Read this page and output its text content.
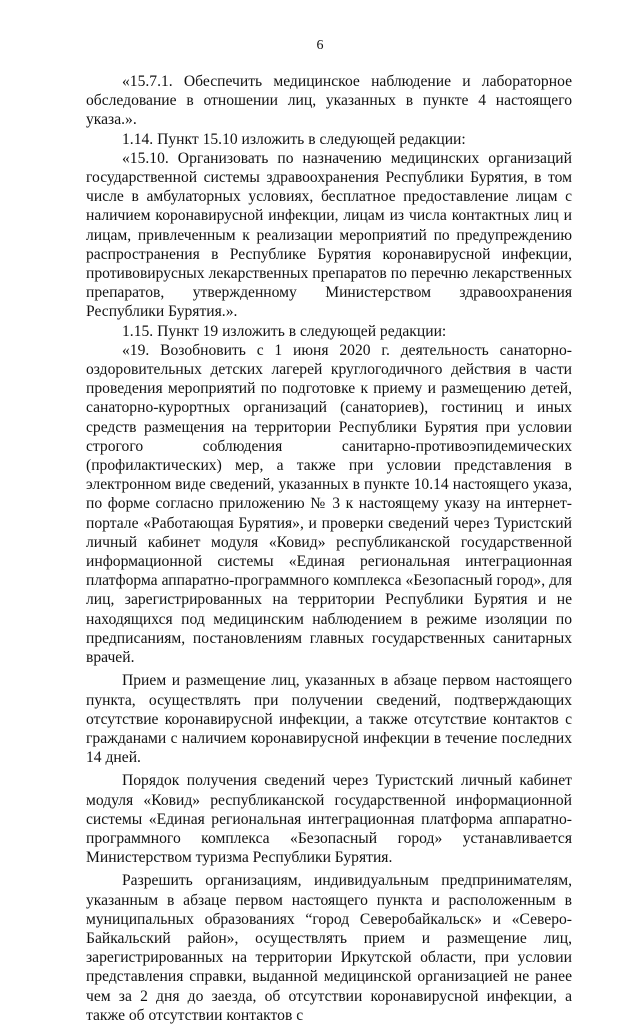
6

«15.7.1. Обеспечить медицинское наблюдение и лабораторное обследование в отношении лиц, указанных в пункте 4 настоящего указа.».

1.14. Пункт 15.10 изложить в следующей редакции:

«15.10. Организовать по назначению медицинских организаций государственной системы здравоохранения Республики Бурятия, в том числе в амбулаторных условиях, бесплатное предоставление лицам с наличием коронавирусной инфекции, лицам из числа контактных лиц и лицам, привлеченным к реализации мероприятий по предупреждению распространения в Республике Бурятия коронавирусной инфекции, противовирусных лекарственных препаратов по перечню лекарственных препаратов, утвержденному Министерством здравоохранения Республики Бурятия.».

1.15. Пункт 19 изложить в следующей редакции:

«19. Возобновить с 1 июня 2020 г. деятельность санаторно-оздоровительных детских лагерей круглогодичного действия в части проведения мероприятий по подготовке к приему и размещению детей, санаторно-курортных организаций (санаториев), гостиниц и иных средств размещения на территории Республики Бурятия при условии строгого соблюдения санитарно-противоэпидемических (профилактических) мер, а также при условии представления в электронном виде сведений, указанных в пункте 10.14 настоящего указа, по форме согласно приложению № 3 к настоящему указу на интернет-портале «Работающая Бурятия», и проверки сведений через Туристский личный кабинет модуля «Ковид» республиканской государственной информационной системы «Единая региональная интеграционная платформа аппаратно-программного комплекса «Безопасный город», для лиц, зарегистрированных на территории Республики Бурятия и не находящихся под медицинским наблюдением в режиме изоляции по предписаниям, постановлениям главных государственных санитарных врачей.

Прием и размещение лиц, указанных в абзаце первом настоящего пункта, осуществлять при получении сведений, подтверждающих отсутствие коронавирусной инфекции, а также отсутствие контактов с гражданами с наличием коронавирусной инфекции в течение последних 14 дней.

Порядок получения сведений через Туристский личный кабинет модуля «Ковид» республиканской государственной информационной системы «Единая региональная интеграционная платформа аппаратно-программного комплекса «Безопасный город» устанавливается Министерством туризма Республики Бурятия.

Разрешить организациям, индивидуальным предпринимателям, указанным в абзаце первом настоящего пункта и расположенным в муниципальных образованиях “город Северобайкальск» и «Северо-Байкальский район», осуществлять прием и размещение лиц, зарегистрированных на территории Иркутской области, при условии представления справки, выданной медицинской организацией не ранее чем за 2 дня до заезда, об отсутствии коронавирусной инфекции, а также об отсутствии контактов с
